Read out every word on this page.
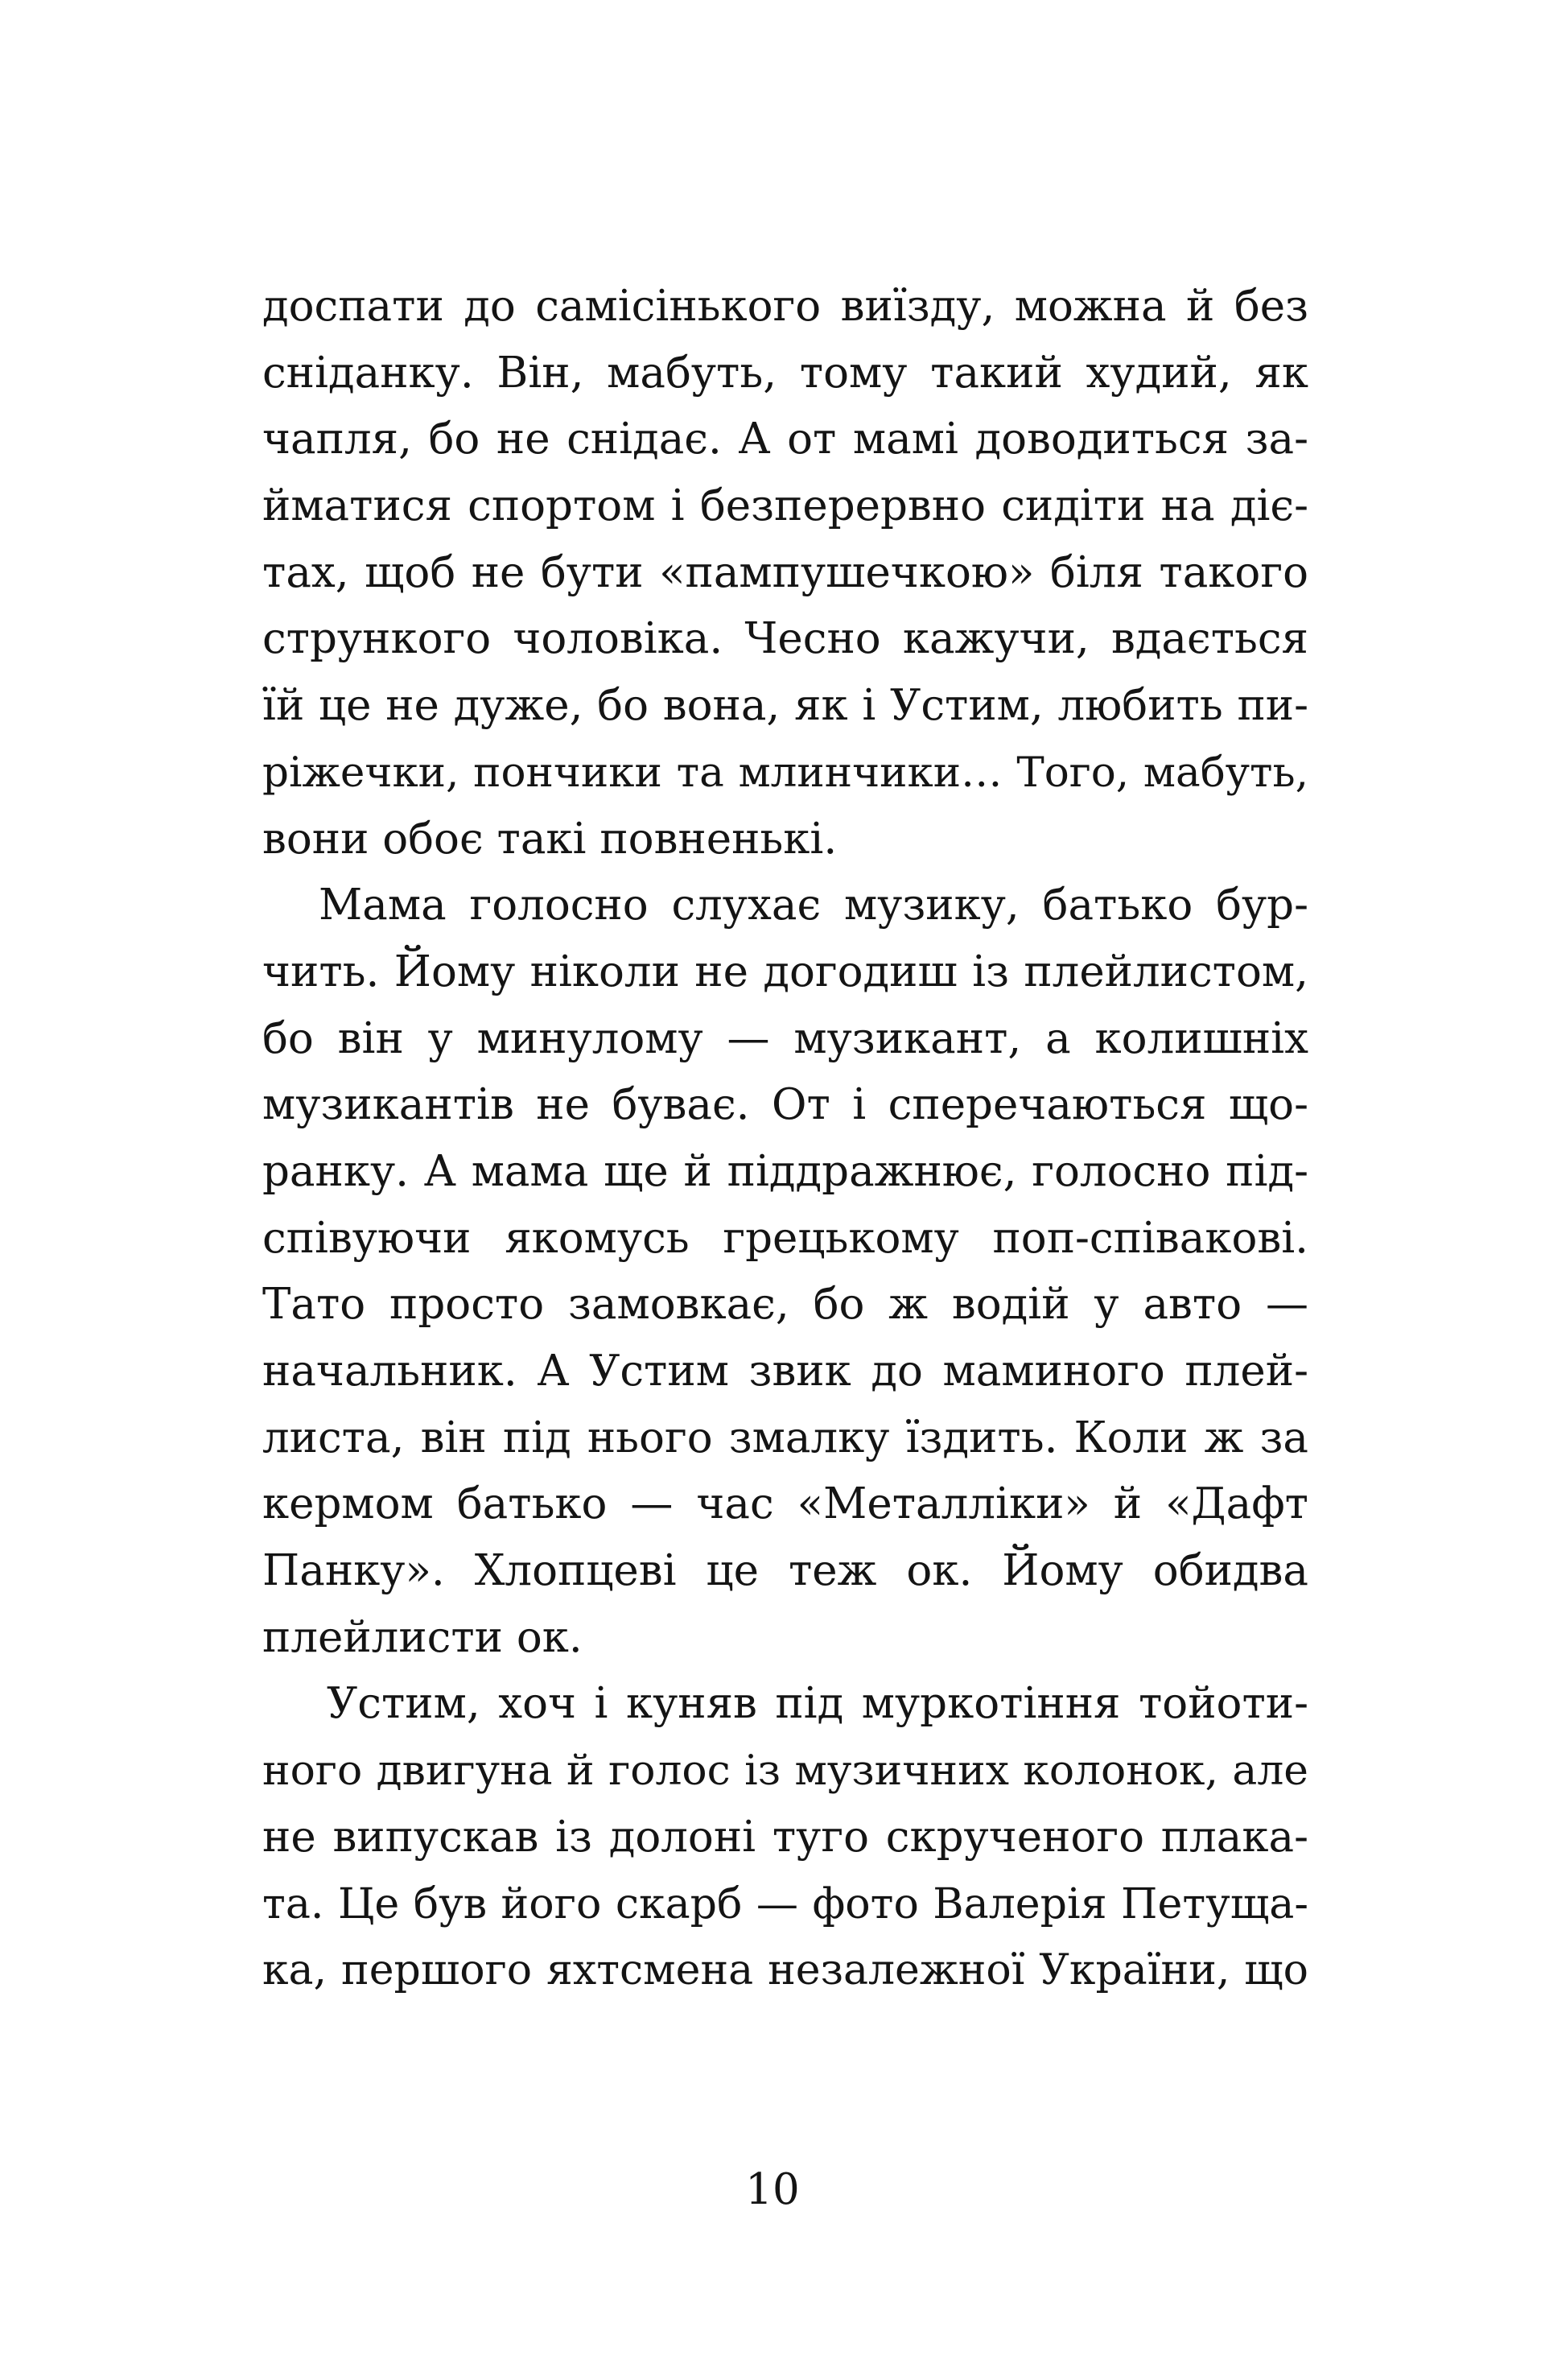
доспати до самісінького виїзду, можна й без
сніданку. Він, мабуть, тому такий худий, як
чапля, бо не снідає. А от мамі доводиться за-
йматися спортом і безперервно сидіти на діє-
тах, щоб не бути «пампушечкою» біля такого
стрункого чоловіка. Чесно кажучи, вдається
їй це не дуже, бо вона, як і Устим, любить пи-
ріжечки, пончики та млинчики… Того, мабуть,
вони обоє такі повненькі.
Мама голосно слухає музику, батько бур-
чить. Йому ніколи не догодиш із плейлистом,
бо він у минулому — музикант, а колишніх
музикантів не буває. От і сперечаються що-
ранку. А мама ще й піддражнює, голосно під-
співуючи якомусь грецькому поп-співакові.
Тато просто замовкає, бо ж водій у авто —
начальник. А Устим звик до маминого плей-
листа, він під нього змалку їздить. Коли ж за
кермом батько — час «Металліки» й «Дафт
Панку». Хлопцеві це теж ок. Йому обидва
плейлисти ок.
Устим, хоч і куняв під муркотіння тойоти-
ного двигуна й голос із музичних колонок, але
не випускав із долоні туго скрученого плака-
та. Це був його скарб — фото Валерія Петуща-
ка, першого яхтсмена незалежної України, що
10
